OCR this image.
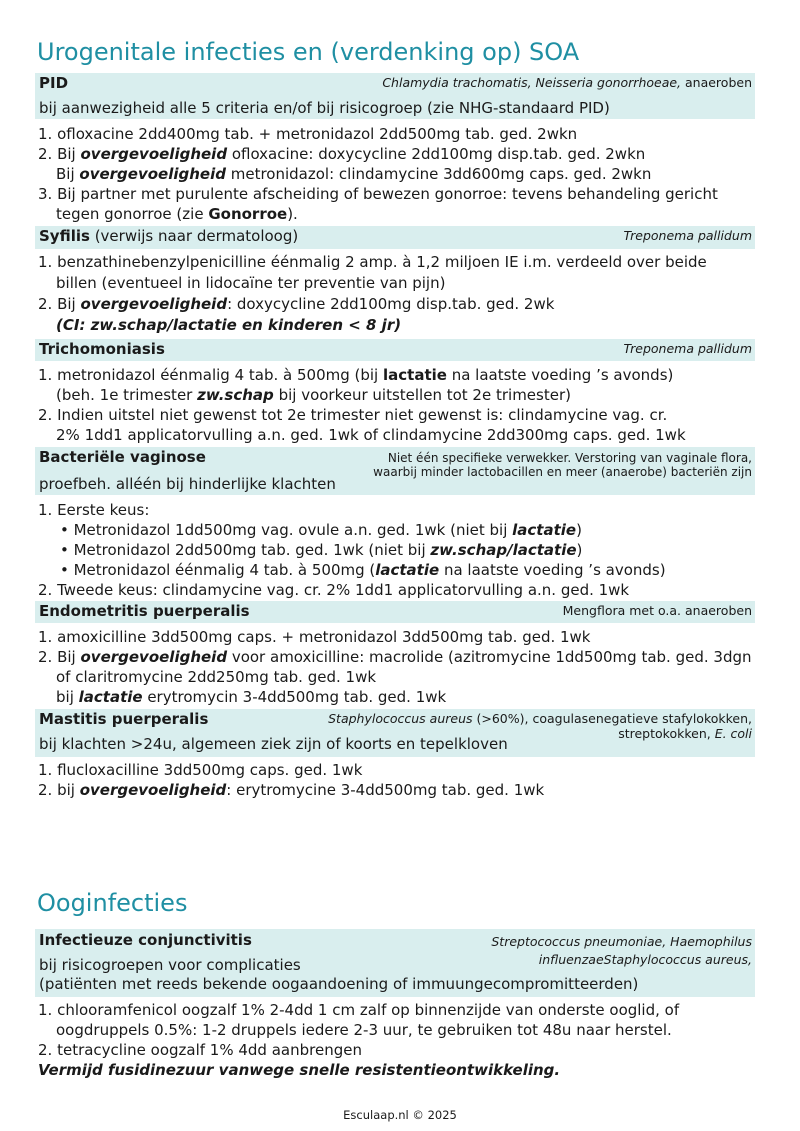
Urogenitale infecties en (verdenking op) SOA
PID	Chlamydia trachomatis, Neisseria gonorrhoeae, anaeroben
bij aanwezigheid alle 5 criteria en/of bij risicogroep (zie NHG-standaard PID)
1. ofloxacine 2dd400mg tab. + metronidazol 2dd500mg tab. ged. 2wkn
2. Bij overgevoeligheid ofloxacine: doxycycline 2dd100mg disp.tab. ged. 2wkn
Bij overgevoeligheid metronidazol: clindamycine 3dd600mg caps. ged. 2wkn
3. Bij partner met purulente afscheiding of bewezen gonorroe: tevens behandeling gericht
tegen gonorroe (zie Gonorroe).
Syfilis (verwijs naar dermatoloog)	Treponema pallidum
1. benzathinebenzylpenicilline éénmalig 2 amp. à 1,2 miljoen IE i.m. verdeeld over beide
billen (eventueel in lidocaïne ter preventie van pijn)
2. Bij overgevoeligheid: doxycycline 2dd100mg disp.tab. ged. 2wk
(CI: zw.schap/lactatie en kinderen < 8 jr)
Trichomoniasis	Treponema pallidum
1. metronidazol éénmalig 4 tab. à 500mg (bij lactatie na laatste voeding ’s avonds)
(beh. 1e trimester zw.schap bij voorkeur uitstellen tot 2e trimester)
2. Indien uitstel niet gewenst tot 2e trimester niet gewenst is: clindamycine vag. cr.
2% 1dd1 applicatorvulling a.n. ged. 1wk of clindamycine 2dd300mg caps. ged. 1wk
Bacteriële vaginose	Niet één specifieke verwekker. Verstoring van vaginale flora,
waarbij minder lactobacillen en meer (anaerobe) bacteriën zijn
proefbeh. alléén bij hinderlijke klachten
1. Eerste keus:
• Metronidazol 1dd500mg vag. ovule a.n. ged. 1wk (niet bij lactatie)
• Metronidazol 2dd500mg tab. ged. 1wk (niet bij zw.schap/lactatie)
• Metronidazol éénmalig 4 tab. à 500mg (lactatie na laatste voeding ’s avonds)
2. Tweede keus: clindamycine vag. cr. 2% 1dd1 applicatorvulling a.n. ged. 1wk
Endometritis puerperalis	Mengflora met o.a. anaeroben
1. amoxicilline 3dd500mg caps. + metronidazol 3dd500mg tab. ged. 1wk
2. Bij overgevoeligheid voor amoxicilline: macrolide (azitromycine 1dd500mg tab. ged. 3dgn
of claritromycine 2dd250mg tab. ged. 1wk
bij lactatie erytromycin 3-4dd500mg tab. ged. 1wk
Mastitis puerperalis	Staphylococcus aureus (>60%), coagulasenegatieve stafylokokken,
streptokokken, E. coli
bij klachten >24u, algemeen ziek zijn of koorts en tepelkloven
1. flucloxacilline 3dd500mg caps. ged. 1wk
2. bij overgevoeligheid: erytromycine 3-4dd500mg tab. ged. 1wk
Ooginfecties
Infectieuze conjunctivitis	Streptococcus pneumoniae, Haemophilus
influenzaeStaphylococcus aureus,
bij risicogroepen voor complicaties
(patiënten met reeds bekende oogaandoening of immuungecompromitteerden)
1. chlooramfenicol oogzalf 1% 2-4dd 1 cm zalf op binnenzijde van onderste ooglid, of
oogdruppels 0.5%: 1-2 druppels iedere 2-3 uur, te gebruiken tot 48u naar herstel.
2. tetracycline oogzalf 1% 4dd aanbrengen
Vermijd fusidinezuur vanwege snelle resistentieontwikkeling.
Esculaap.nl © 2025
